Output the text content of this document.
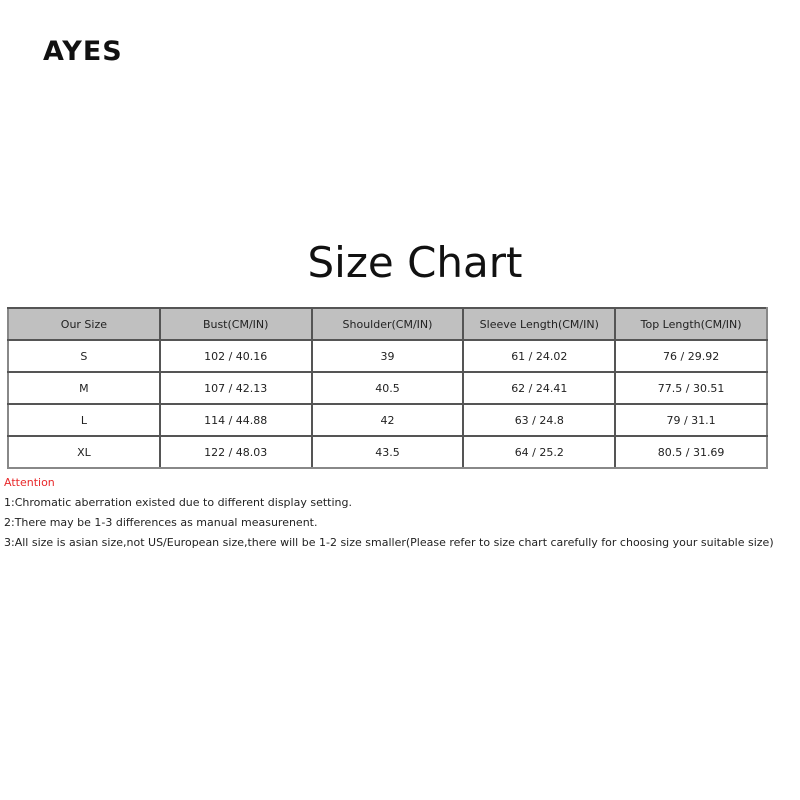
AYES
Size Chart
Our Size	Bust(CM/IN)	Shoulder(CM/IN)	Sleeve Length(CM/IN)	Top Length(CM/IN)
S	102 / 40.16	39	61 / 24.02	76 / 29.92
M	107 / 42.13	40.5	62 / 24.41	77.5 / 30.51
L	114 / 44.88	42	63 / 24.8	79 / 31.1
XL	122 / 48.03	43.5	64 / 25.2	80.5 / 31.69
Attention
1:Chromatic aberration existed due to different display setting.
2:There may be 1-3 differences as manual measurenent.
3:All size is asian size,not US/European size,there will be 1-2 size smaller(Please refer to size chart carefully for choosing your suitable size)
